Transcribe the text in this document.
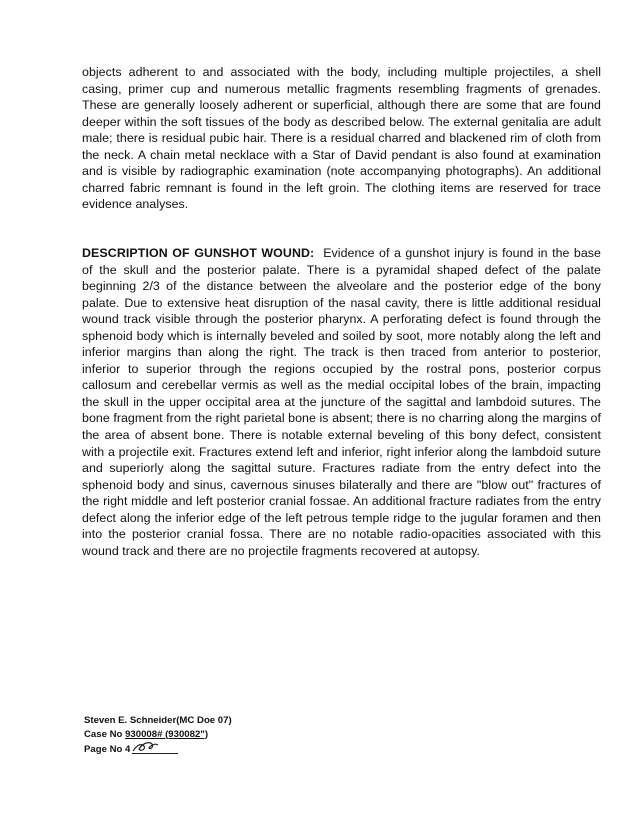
objects adherent to and associated with the body, including multiple projectiles, a shell casing, primer cup and numerous metallic fragments resembling fragments of grenades. These are generally loosely adherent or superficial, although there are some that are found deeper within the soft tissues of the body as described below. The external genitalia are adult male; there is residual pubic hair. There is a residual charred and blackened rim of cloth from the neck. A chain metal necklace with a Star of David pendant is also found at examination and is visible by radiographic examination (note accompanying photographs). An additional charred fabric remnant is found in the left groin. The clothing items are reserved for trace evidence analyses.

DESCRIPTION OF GUNSHOT WOUND: Evidence of a gunshot injury is found in the base of the skull and the posterior palate. There is a pyramidal shaped defect of the palate beginning 2/3 of the distance between the alveolare and the posterior edge of the bony palate. Due to extensive heat disruption of the nasal cavity, there is little additional residual wound track visible through the posterior pharynx. A perforating defect is found through the sphenoid body which is internally beveled and soiled by soot, more notably along the left and inferior margins than along the right. The track is then traced from anterior to posterior, inferior to superior through the regions occupied by the rostral pons, posterior corpus callosum and cerebellar vermis as well as the medial occipital lobes of the brain, impacting the skull in the upper occipital area at the juncture of the sagittal and lambdoid sutures. The bone fragment from the right parietal bone is absent; there is no charring along the margins of the area of absent bone. There is notable external beveling of this bony defect, consistent with a projectile exit. Fractures extend left and inferior, right inferior along the lambdoid suture and superiorly along the sagittal suture. Fractures radiate from the entry defect into the sphenoid body and sinus, cavernous sinuses bilaterally and there are "blow out" fractures of the right middle and left posterior cranial fossae. An additional fracture radiates from the entry defect along the inferior edge of the left petrous temple ridge to the jugular foramen and then into the posterior cranial fossa. There are no notable radio-opacities associated with this wound track and there are no projectile fragments recovered at autopsy.

Steven E. Schneider(MC Doe 07)
Case No 930008# (930082")
Page No 4
